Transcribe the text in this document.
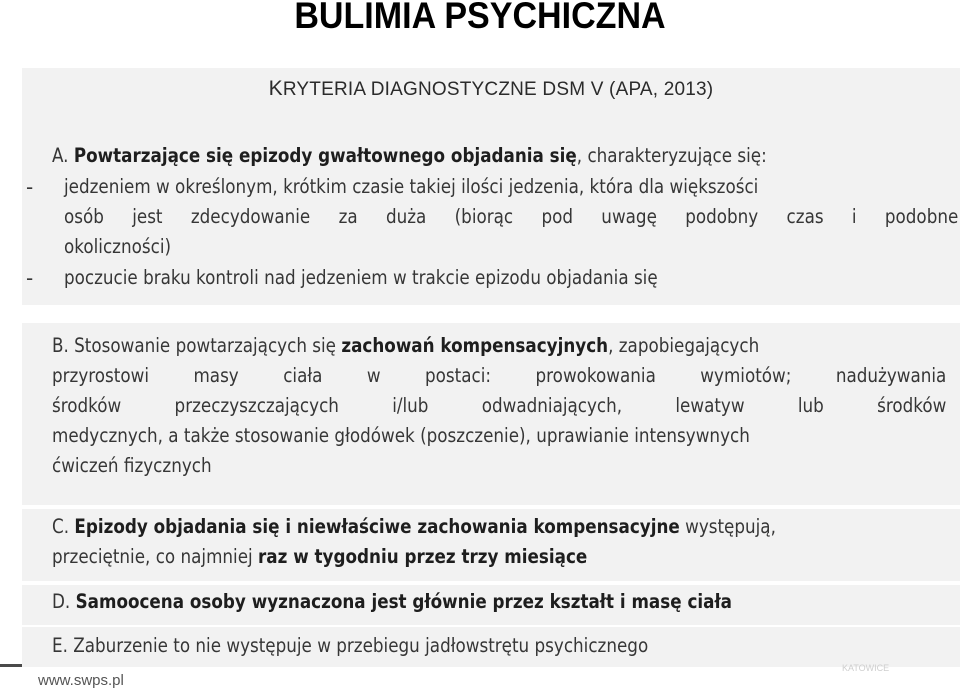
BULIMIA PSYCHICZNA
KRYTERIA DIAGNOSTYCZNE DSM V (APA, 2013)
A. Powtarzające się epizody gwałtownego objadania się, charakteryzujące się:
- jedzeniem w określonym, krótkim czasie takiej ilości jedzenia, która dla większości
osób jest zdecydowanie za duża (biorąc pod uwagę podobny czas i podobne
okoliczności)
- poczucie braku kontroli nad jedzeniem w trakcie epizodu objadania się
B. Stosowanie powtarzających się zachowań kompensacyjnych, zapobiegających
przyrostowi masy ciała w postaci: prowokowania wymiotów; nadużywania
środków	przeczyszczających	i/lub	odwadniających,	lewatyw	lub	środków
medycznych, a także stosowanie głodówek (poszczenie), uprawianie intensywnych
ćwiczeń fizycznych
C. Epizody objadania się i niewłaściwe zachowania kompensacyjne występują,
przeciętnie, co najmniej raz w tygodniu przez trzy miesiące
D. Samoocena osoby wyznaczona jest głównie przez kształt i masę ciała
E. Zaburzenie to nie występuje w przebiegu jadłowstrętu psychicznego
www.swps.pl
KATOWICE
